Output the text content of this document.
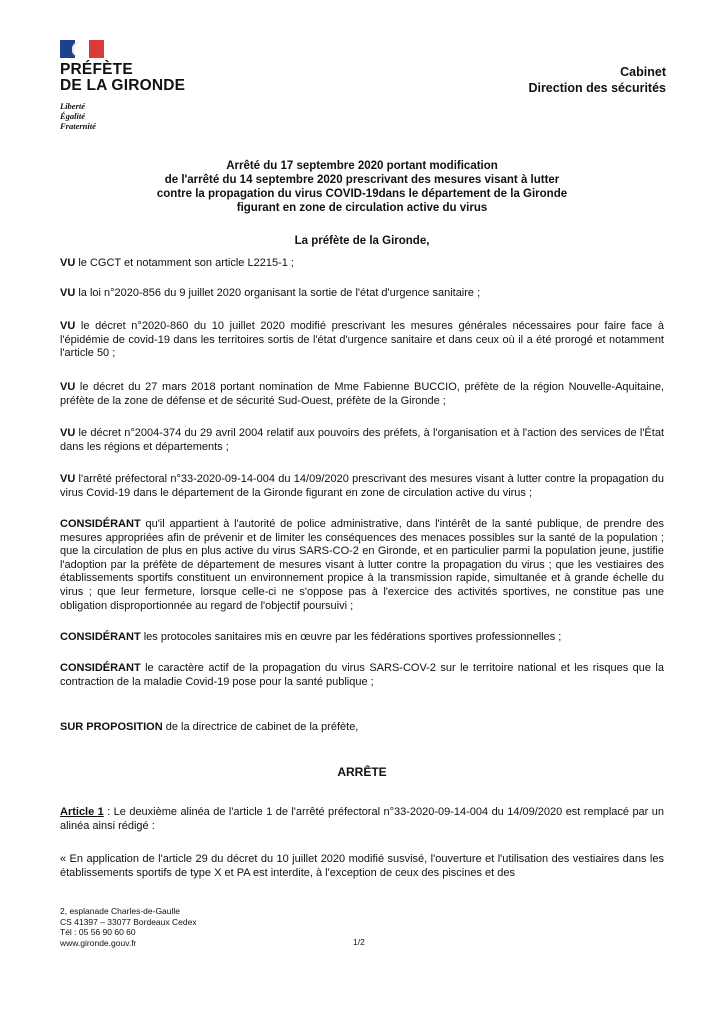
PRÉFÈTE
DE LA GIRONDE
Liberté
Égalité
Fraternité
Cabinet
Direction des sécurités
Arrêté du 17 septembre 2020 portant modification
de l'arrêté du 14 septembre 2020 prescrivant des mesures visant à lutter
contre la propagation du virus COVID-19dans le département de la Gironde
figurant en zone de circulation active du virus
La préfète de la Gironde,

VU le CGCT et notamment son article L2215-1 ;

VU la loi n°2020-856 du 9 juillet 2020 organisant la sortie de l'état d'urgence sanitaire ;

VU le décret n°2020-860 du 10 juillet 2020 modifié prescrivant les mesures générales nécessaires pour faire face à l'épidémie de covid-19 dans les territoires sortis de l'état d'urgence sanitaire et dans ceux où il a été prorogé et notamment l'article 50 ;

VU le décret du 27 mars 2018 portant nomination de Mme Fabienne BUCCIO, préfète de la région Nouvelle-Aquitaine, préfète de la zone de défense et de sécurité Sud-Ouest, préfète de la Gironde ;

VU le décret n°2004-374 du 29 avril 2004 relatif aux pouvoirs des préfets, à l'organisation et à l'action des services de l'État dans les régions et départements ;

VU l'arrêté préfectoral n°33-2020-09-14-004 du 14/09/2020 prescrivant des mesures visant à lutter contre la propagation du virus Covid-19 dans le département de la Gironde figurant en zone de circulation active du virus ;

CONSIDÉRANT qu'il appartient à l'autorité de police administrative, dans l'intérêt de la santé publique, de prendre des mesures appropriées afin de prévenir et de limiter les conséquences des menaces possibles sur la santé de la population ; que la circulation de plus en plus active du virus SARS-CO-2 en Gironde, et en particulier parmi la population jeune, justifie l'adoption par la préfète de département de mesures visant à lutter contre la propagation du virus ; que les vestiaires des établissements sportifs constituent un environnement propice à la transmission rapide, simultanée et à grande échelle du virus ; que leur fermeture, lorsque celle-ci ne s'oppose pas à l'exercice des activités sportives, ne constitue pas une obligation disproportionnée au regard de l'objectif poursuivi ;

CONSIDÉRANT les protocoles sanitaires mis en œuvre par les fédérations sportives professionnelles ;

CONSIDÉRANT le caractère actif de la propagation du virus SARS-COV-2 sur le territoire national et les risques que la contraction de la maladie Covid-19 pose pour la santé publique ;

SUR PROPOSITION de la directrice de cabinet de la préfète,

ARRÊTE

Article 1 : Le deuxième alinéa de l'article 1 de l'arrêté préfectoral n°33-2020-09-14-004 du 14/09/2020 est remplacé par un alinéa ainsi rédigé :

« En application de l'article 29 du décret du 10 juillet 2020 modifié susvisé, l'ouverture et l'utilisation des vestiaires dans les établissements sportifs de type X et PA est interdite, à l'exception de ceux des piscines et des

2, esplanade Charles-de-Gaulle
CS 41397 – 33077 Bordeaux Cedex
Tél : 05 56 90 60 60
www.gironde.gouv.fr	1/2
